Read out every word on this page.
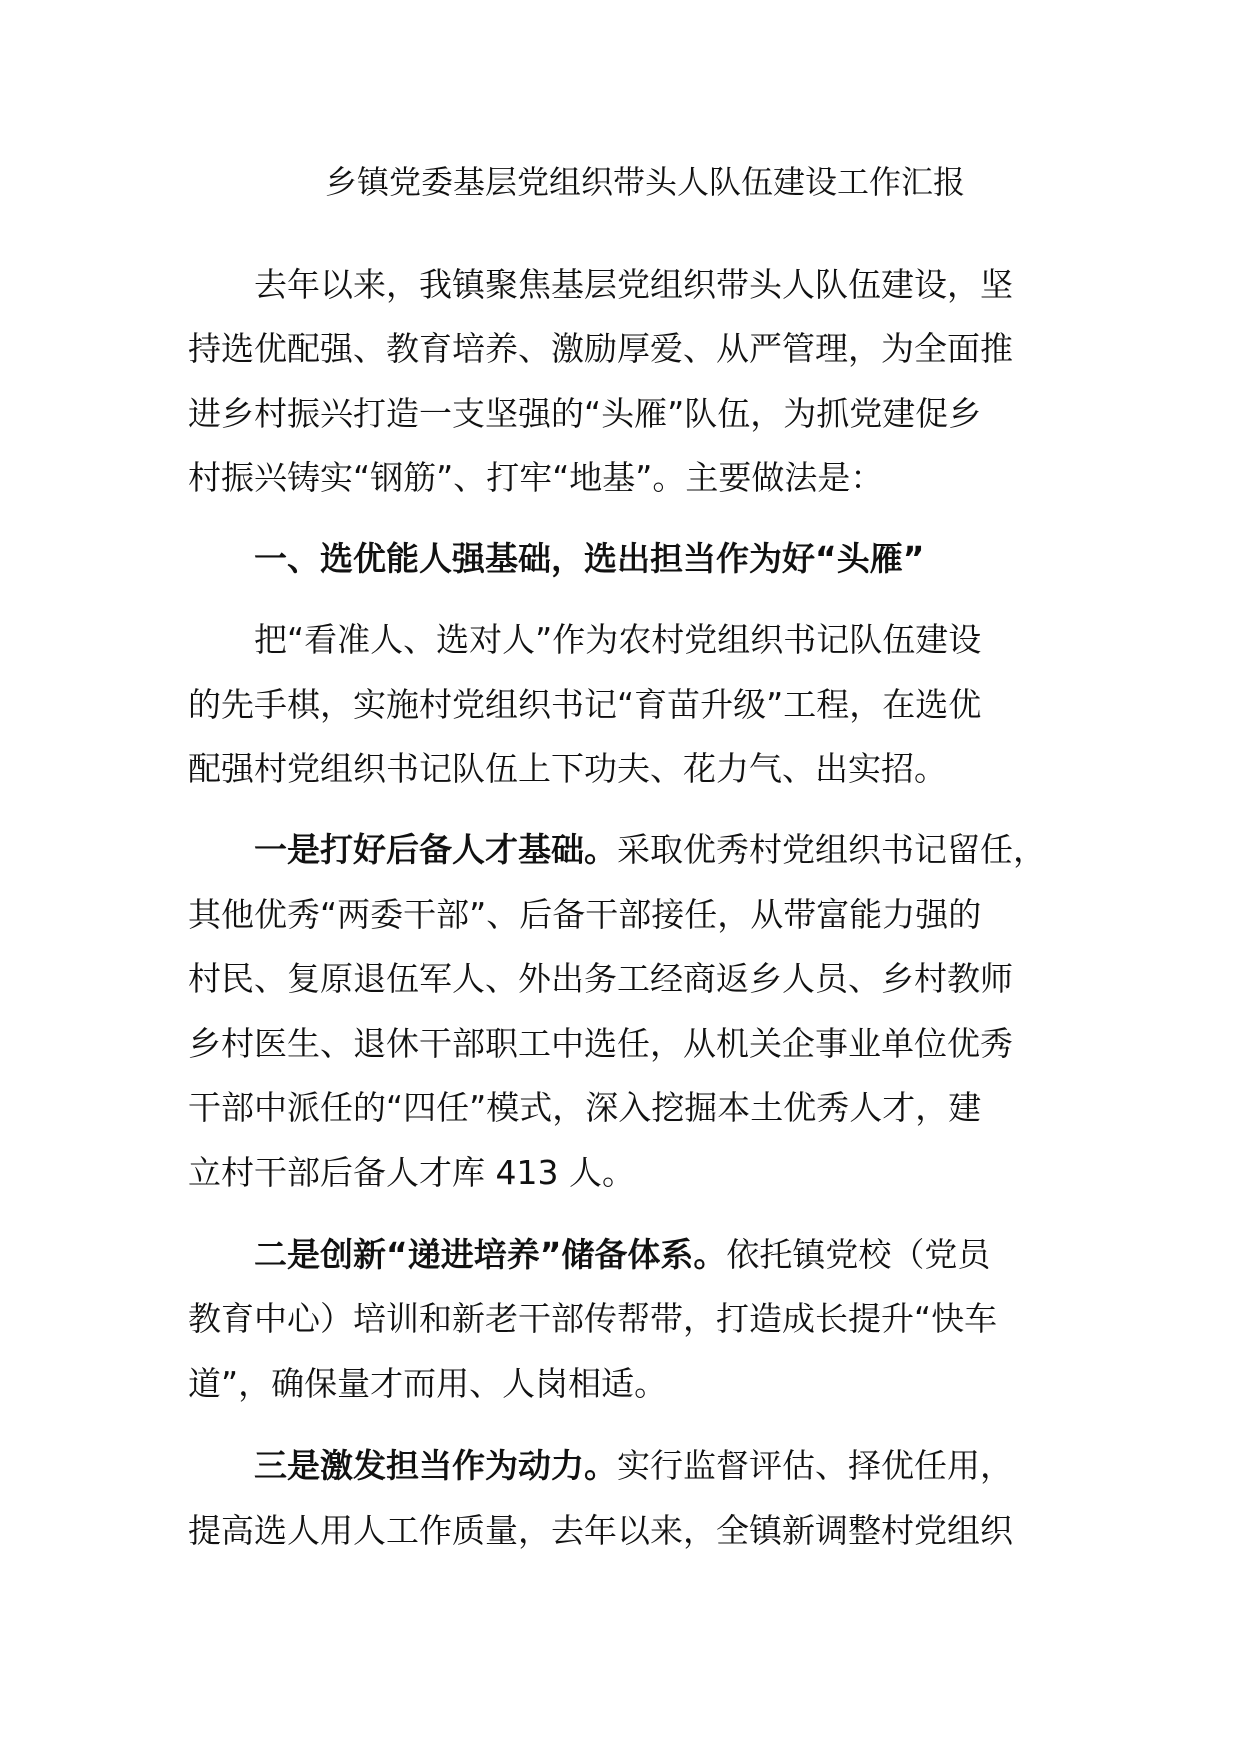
乡镇党委基层党组织带头人队伍建设工作汇报
去年以来，我镇聚焦基层党组织带头人队伍建设，坚
持选优配强、教育培养、激励厚爱、从严管理，为全面推
进乡村振兴打造一支坚强的“头雁”队伍，为抓党建促乡
村振兴铸实“钢筋”、打牢“地基”。主要做法是：
一、选优能人强基础，选出担当作为好“头雁”
把“看准人、选对人”作为农村党组织书记队伍建设
的先手棋，实施村党组织书记“育苗升级”工程，在选优
配强村党组织书记队伍上下功夫、花力气、出实招。
一是打好后备人才基础。采取优秀村党组织书记留任，
其他优秀“两委干部”、后备干部接任，从带富能力强的
村民、复原退伍军人、外出务工经商返乡人员、乡村教师
乡村医生、退休干部职工中选任，从机关企事业单位优秀
干部中派任的“四任”模式，深入挖掘本土优秀人才，建
立村干部后备人才库 413 人。
二是创新“递进培养”储备体系。依托镇党校（党员
教育中心）培训和新老干部传帮带，打造成长提升“快车
道”，确保量才而用、人岗相适。
三是激发担当作为动力。实行监督评估、择优任用，
提高选人用人工作质量，去年以来，全镇新调整村党组织
